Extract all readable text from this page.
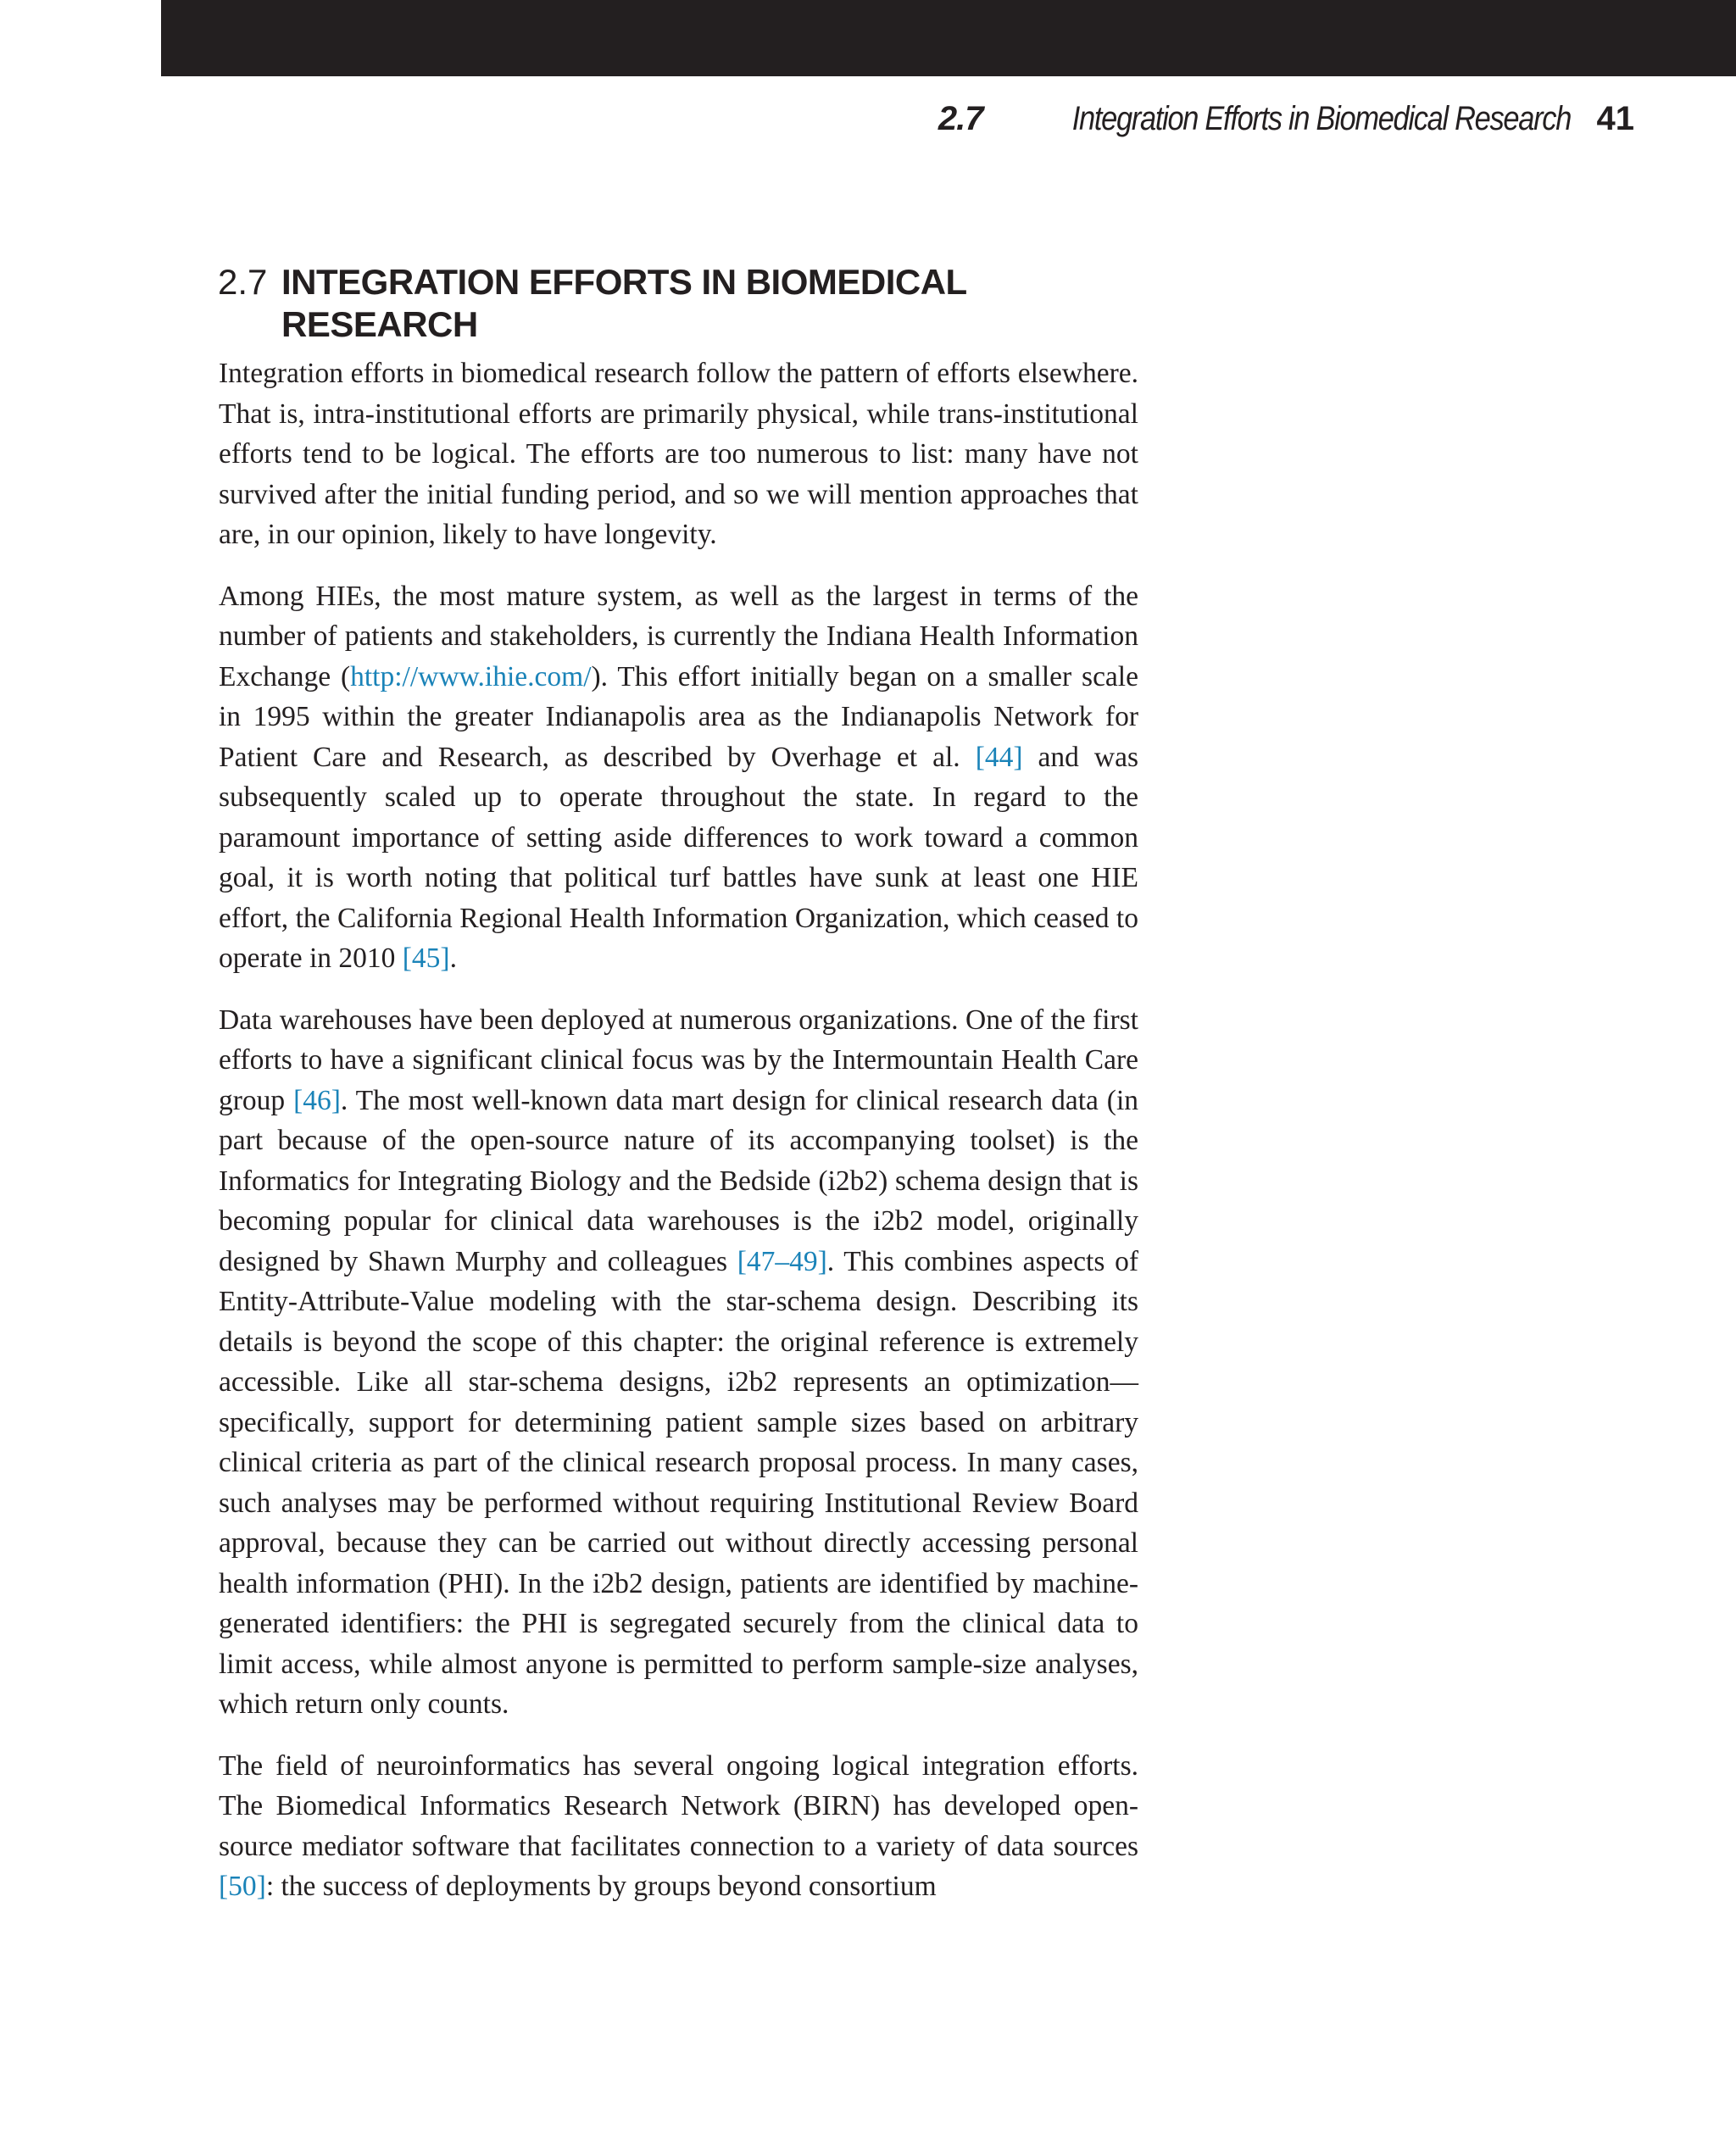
2.7	Integration Efforts in Biomedical Research 41
2.7 INTEGRATION EFFORTS IN BIOMEDICAL
RESEARCH

Integration efforts in biomedical research follow the pattern of efforts elsewhere. That is, intra-institutional efforts are primarily physical, while trans-institutional efforts tend to be logical. The efforts are too numerous to list: many have not survived after the initial funding period, and so we will mention approaches that are, in our opinion, likely to have longevity.

Among HIEs, the most mature system, as well as the largest in terms of the number of patients and stakeholders, is currently the Indiana Health Information Exchange (http://www.ihie.com/). This effort initially began on a smaller scale in 1995 within the greater Indianapolis area as the Indianapolis Network for Patient Care and Research, as described by Overhage et al. [44] and was subsequently scaled up to operate throughout the state. In regard to the paramount importance of setting aside differences to work toward a common goal, it is worth noting that political turf battles have sunk at least one HIE effort, the California Regional Health Information Organization, which ceased to operate in 2010 [45].

Data warehouses have been deployed at numerous organizations. One of the first efforts to have a significant clinical focus was by the Intermountain Health Care group [46]. The most well-known data mart design for clinical research data (in part because of the open-source nature of its accompanying toolset) is the Informatics for Integrating Biology and the Bedside (i2b2) schema design that is becoming popular for clinical data warehouses is the i2b2 model, originally designed by Shawn Murphy and colleagues [47–49]. This combines aspects of Entity-Attribute-Value modeling with the star-schema design. Describing its details is beyond the scope of this chapter: the original reference is extremely accessible. Like all star-schema designs, i2b2 represents an optimization—specifically, support for determining patient sample sizes based on arbitrary clinical criteria as part of the clinical research proposal process. In many cases, such analyses may be performed without requiring Institutional Review Board approval, because they can be carried out without directly accessing personal health information (PHI). In the i2b2 design, patients are identified by machine-generated identifiers: the PHI is segregated securely from the clinical data to limit access, while almost anyone is permitted to perform sample-size analyses, which return only counts.

The field of neuroinformatics has several ongoing logical integration efforts. The Biomedical Informatics Research Network (BIRN) has developed open-source mediator software that facilitates connection to a variety of data sources [50]: the success of deployments by groups beyond consortium
